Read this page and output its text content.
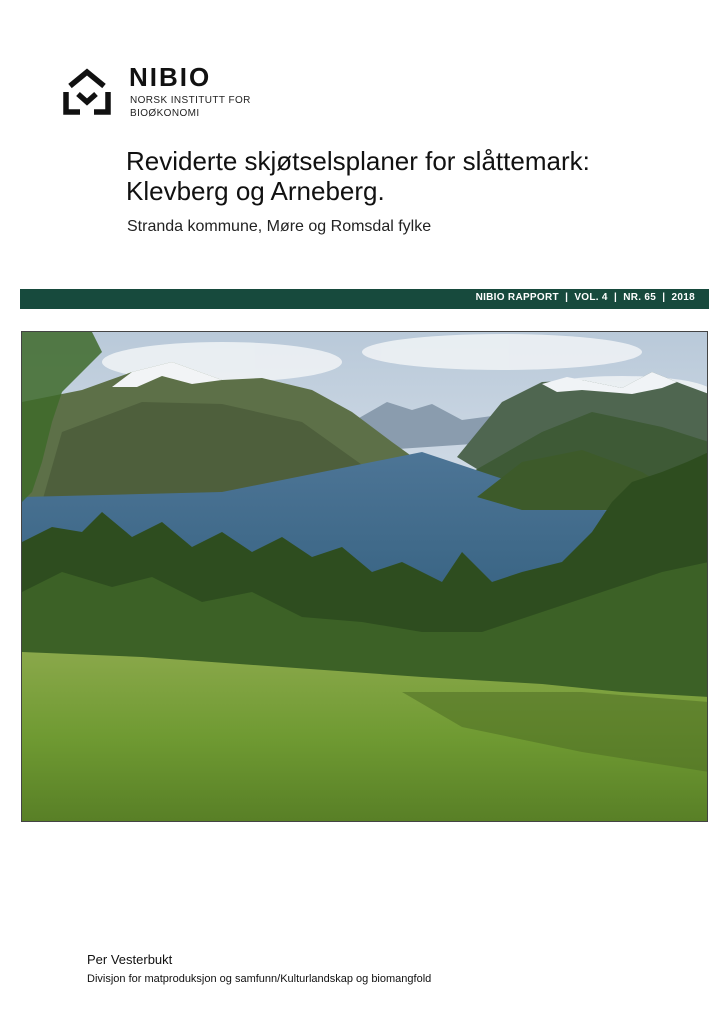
NIBIO
NORSK INSTITUTT FOR
BIOØKONOMI
Reviderte skjøtselsplaner for slåttemark: Klevberg og Arneberg.
Stranda kommune, Møre og Romsdal fylke
NIBIO RAPPORT  |  VOL. 4  |  NR. 65  |  2018
Per Vesterbukt
Divisjon for matproduksjon og samfunn/Kulturlandskap og biomangfold
